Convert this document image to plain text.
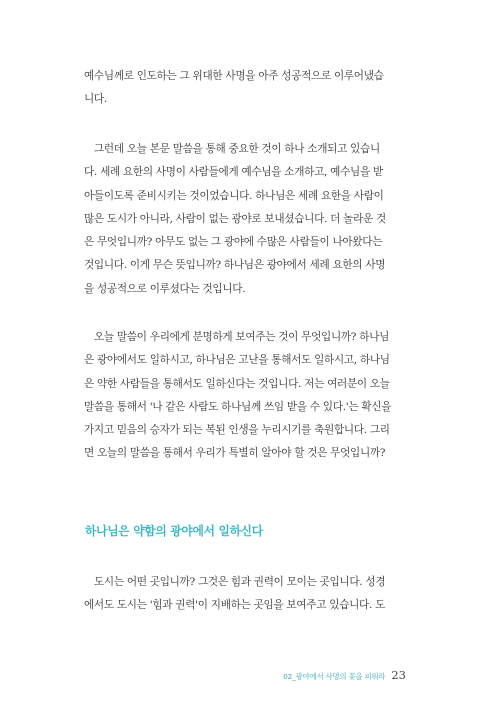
예수님께로 인도하는 그 위대한 사명을 아주 성공적으로 이루어냈습
니다.
그런데 오늘 본문 말씀을 통해 중요한 것이 하나 소개되고 있습니
다. 세례 요한의 사명이 사람들에게 예수님을 소개하고, 예수님을 받
아들이도록 준비시키는 것이었습니다. 하나님은 세례 요한을 사람이
많은 도시가 아니라, 사람이 없는 광야로 보내셨습니다. 더 놀라운 것
은 무엇입니까? 아무도 없는 그 광야에 수많은 사람들이 나아왔다는
것입니다. 이게 무슨 뜻입니까? 하나님은 광야에서 세례 요한의 사명
을 성공적으로 이루셨다는 것입니다.
오늘 말씀이 우리에게 분명하게 보여주는 것이 무엇입니까? 하나님
은 광야에서도 일하시고, 하나님은 고난을 통해서도 일하시고, 하나님
은 약한 사람들을 통해서도 일하신다는 것입니다. 저는 여러분이 오늘
말씀을 통해서 '나 같은 사람도 하나님께 쓰임 받을 수 있다.'는 확신을
가지고 믿음의 승자가 되는 복된 인생을 누리시기를 축원합니다. 그리
면 오늘의 말씀을 통해서 우리가 특별히 알아야 할 것은 무엇입니까?
하나님은 약함의 광야에서 일하신다
도시는 어떤 곳입니까? 그것은 힘과 권력이 모이는 곳입니다. 성경
에서도 도시는 '힘과 권력'이 지배하는 곳임을 보여주고 있습니다. 도
02_광야에서 사명의 꽃을 피워라 23
